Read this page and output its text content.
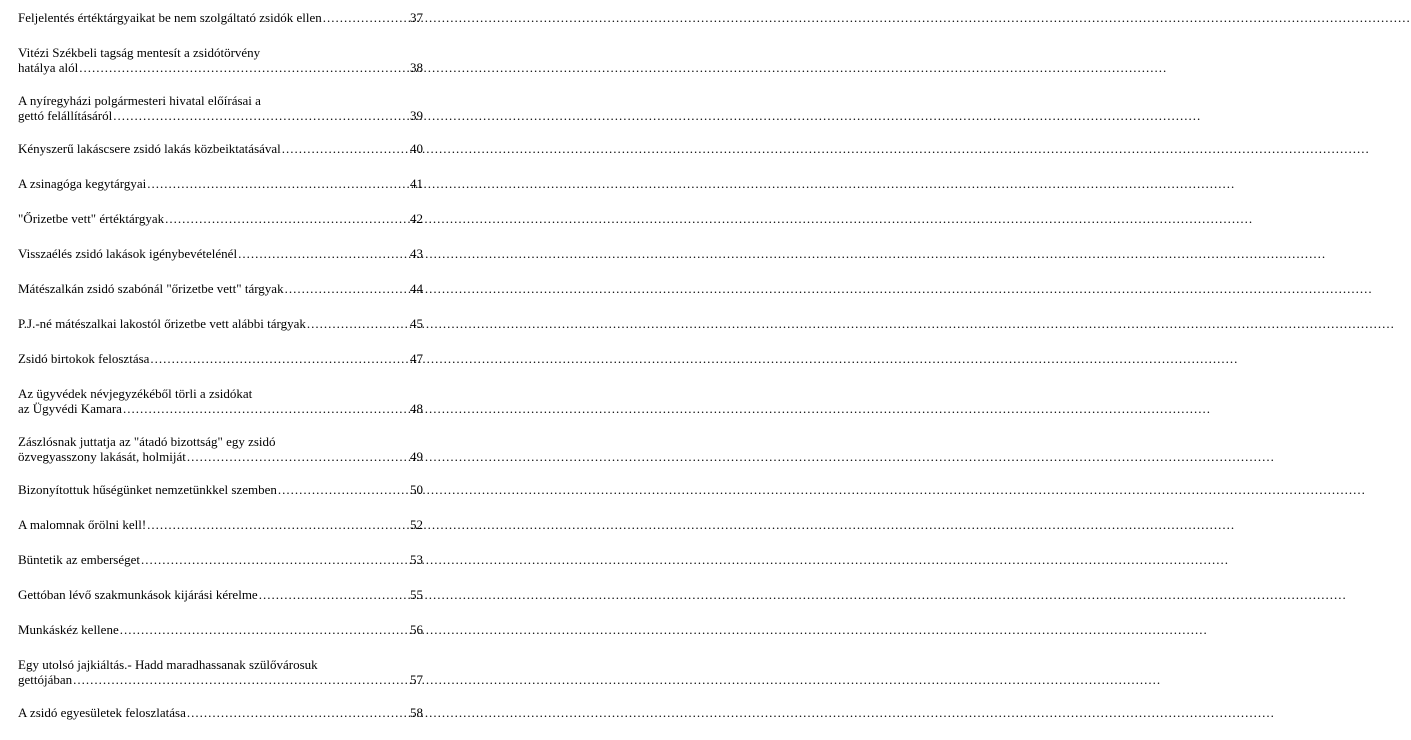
Feljelentés értéktárgyaikat be nem szolgáltató zsidók ellen .....	37
Vitézi Székbeli tagság mentesít a zsidótörvény
hatálya alól .....	38
A nyíregyházi polgármesteri hivatal előírásai a
gettó felállításáról .....	39
Kényszerű lakáscsere zsidó lakás közbeiktatásával .....	40
A zsinagóga kegytárgyai .....	41
"Őrizetbe vett" értéktárgyak .....	42
Visszaélés zsidó lakások igénybevételénél .....	43
Mátészalkán zsidó szabónál "őrizetbe vett" tárgyak .....	44
P.J.-né mátészalkai lakostól őrizetbe vett alábbi tárgyak .....	45
Zsidó birtokok felosztása .....	47
Az ügyvédek névjegyzékéből törli a zsidókat
az Ügyvédi Kamara .....	48
Zászlósnak juttatja az "átadó bizottság" egy zsidó
özvegyasszony lakását, holmiját .....	49
Bizonyítottuk hűségünket nemzetünkkel szemben .....	50
A malomnak őrölni kell! .....	52
Büntetik az emberséget .....	53
Gettóban lévő szakmunkások kijárási kérelme .....	55
Munkáskéz kellene .....	56
Egy utolsó jajkiáltás.- Hadd maradhassanak szülővárosuk
gettójában .....	57
A zsidó egyesületek feloszlatása .....	58
